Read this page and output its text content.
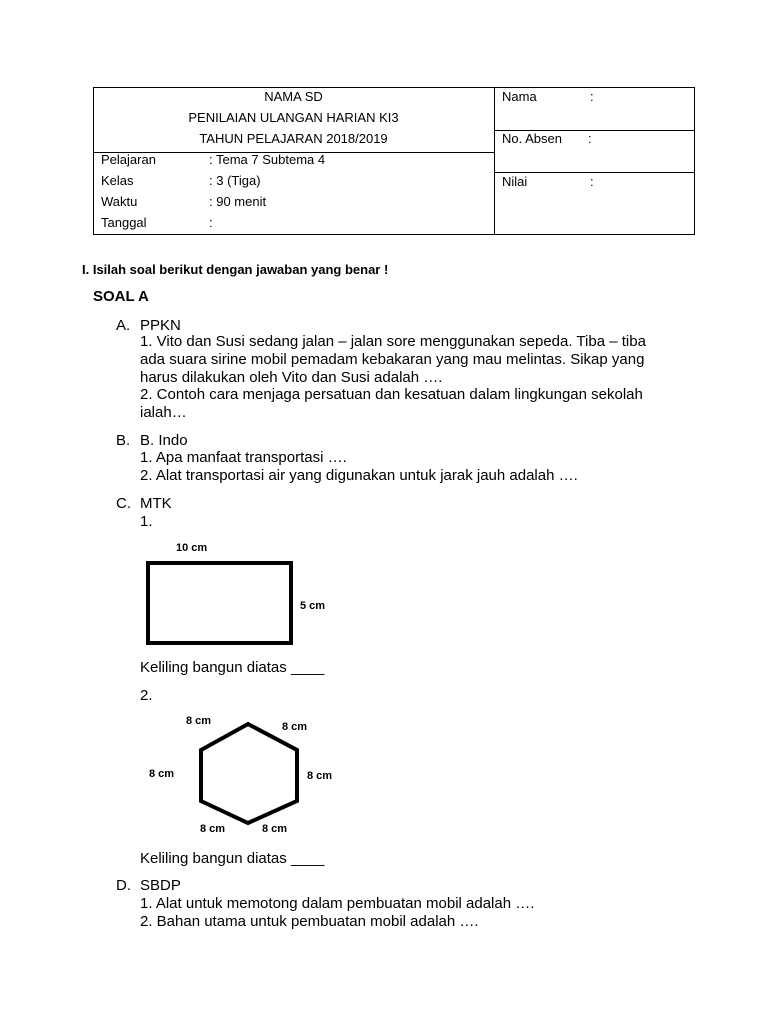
NAMA SD
PENILAIAN ULANGAN HARIAN KI3
TAHUN PELAJARAN 2018/2019
Pelajaran	: Tema 7 Subtema 4
Kelas	: 3 (Tiga)
Waktu	: 90 menit
Tanggal	:
Nama	:
No. Absen :
Nilai	:
I. Isilah soal berikut dengan jawaban yang benar !
SOAL A
A. PPKN
1. Vito dan Susi sedang jalan – jalan sore menggunakan sepeda. Tiba – tiba
ada suara sirine mobil pemadam kebakaran yang mau melintas. Sikap yang
harus dilakukan oleh Vito dan Susi adalah ….
2. Contoh cara menjaga persatuan dan kesatuan dalam lingkungan sekolah
ialah…
B. B. Indo
1. Apa manfaat transportasi ….
2. Alat transportasi air yang digunakan untuk jarak jauh adalah ….
C. MTK
1.
10 cm
5 cm
Keliling bangun diatas ____
2.
8 cm	8 cm
8 cm	8 cm
8 cm	8 cm
Keliling bangun diatas ____
D. SBDP
1. Alat untuk memotong dalam pembuatan mobil adalah ….
2. Bahan utama untuk pembuatan mobil adalah ….
